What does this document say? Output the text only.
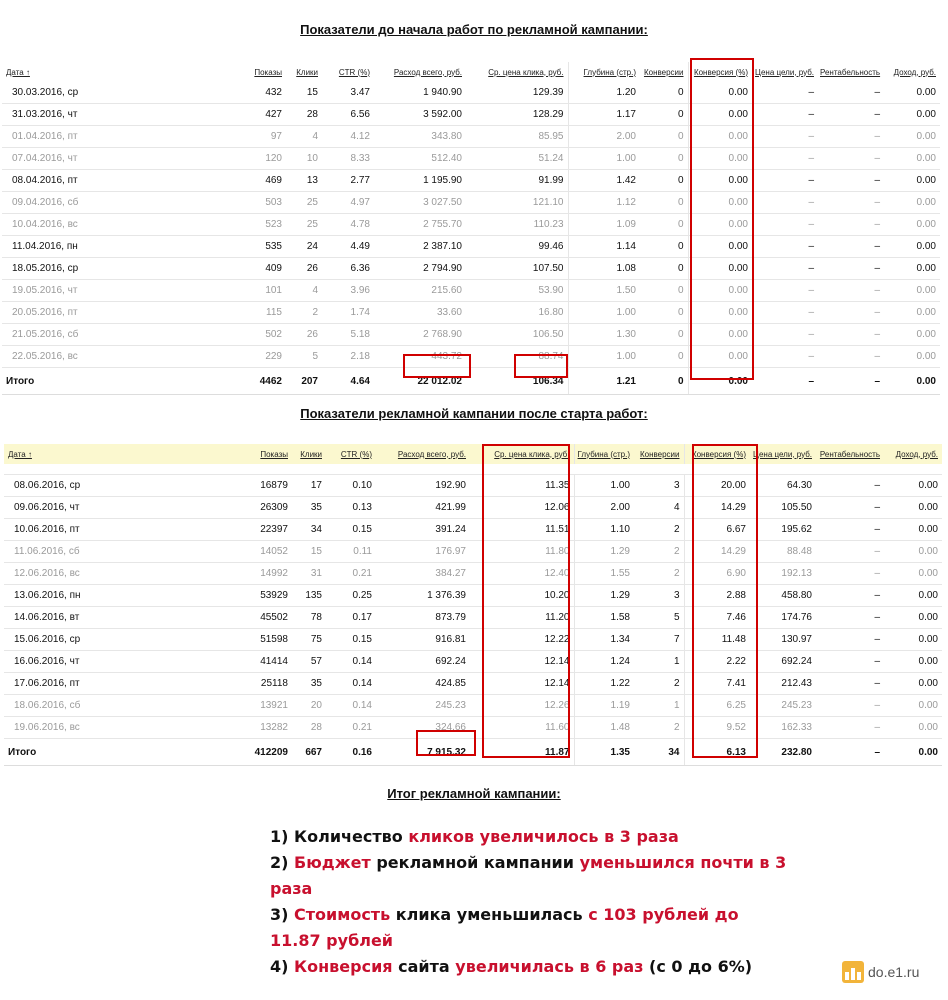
Показатели до начала работ по рекламной кампании:
Дата ↑	Показы	Клики	CTR (%)	Расход всего, руб.	Ср. цена клика, руб.	Глубина (стр.)	Конверсии	Конверсия (%)	Цена цели, руб.	Рентабельность	Доход, руб.
30.03.2016, ср	432	15	3.47	1 940.90	129.39	1.20	0	0.00	–	–	0.00
31.03.2016, чт	427	28	6.56	3 592.00	128.29	1.17	0	0.00	–	–	0.00
01.04.2016, пт	97	4	4.12	343.80	85.95	2.00	0	0.00	–	–	0.00
07.04.2016, чт	120	10	8.33	512.40	51.24	1.00	0	0.00	–	–	0.00
08.04.2016, пт	469	13	2.77	1 195.90	91.99	1.42	0	0.00	–	–	0.00
09.04.2016, сб	503	25	4.97	3 027.50	121.10	1.12	0	0.00	–	–	0.00
10.04.2016, вс	523	25	4.78	2 755.70	110.23	1.09	0	0.00	–	–	0.00
11.04.2016, пн	535	24	4.49	2 387.10	99.46	1.14	0	0.00	–	–	0.00
18.05.2016, ср	409	26	6.36	2 794.90	107.50	1.08	0	0.00	–	–	0.00
19.05.2016, чт	101	4	3.96	215.60	53.90	1.50	0	0.00	–	–	0.00
20.05.2016, пт	115	2	1.74	33.60	16.80	1.00	0	0.00	–	–	0.00
21.05.2016, сб	502	26	5.18	2 768.90	106.50	1.30	0	0.00	–	–	0.00
22.05.2016, вс	229	5	2.18	443.72	88.74	1.00	0	0.00	–	–	0.00
Итого	4462	207	4.64	22 012.02	106.34	1.21	0	0.00	–	–	0.00
Показатели рекламной кампании после старта работ:
Дата ↑	Показы	Клики	CTR (%)	Расход всего, руб.	Ср. цена клика, руб.	Глубина (стр.)	Конверсии	Конверсия (%)	Цена цели, руб.	Рентабельность	Доход, руб.

08.06.2016, ср	16879	17	0.10	192.90	11.35	1.00	3	20.00	64.30	–	0.00
09.06.2016, чт	26309	35	0.13	421.99	12.06	2.00	4	14.29	105.50	–	0.00
10.06.2016, пт	22397	34	0.15	391.24	11.51	1.10	2	6.67	195.62	–	0.00
11.06.2016, сб	14052	15	0.11	176.97	11.80	1.29	2	14.29	88.48	–	0.00
12.06.2016, вс	14992	31	0.21	384.27	12.40	1.55	2	6.90	192.13	–	0.00
13.06.2016, пн	53929	135	0.25	1 376.39	10.20	1.29	3	2.88	458.80	–	0.00
14.06.2016, вт	45502	78	0.17	873.79	11.20	1.58	5	7.46	174.76	–	0.00
15.06.2016, ср	51598	75	0.15	916.81	12.22	1.34	7	11.48	130.97	–	0.00
16.06.2016, чт	41414	57	0.14	692.24	12.14	1.24	1	2.22	692.24	–	0.00
17.06.2016, пт	25118	35	0.14	424.85	12.14	1.22	2	7.41	212.43	–	0.00
18.06.2016, сб	13921	20	0.14	245.23	12.26	1.19	1	6.25	245.23	–	0.00
19.06.2016, вс	13282	28	0.21	324.66	11.60	1.48	2	9.52	162.33	–	0.00
Итого	412209	667	0.16	7 915.32	11.87	1.35	34	6.13	232.80	–	0.00
Итог рекламной кампании:

1) Количество кликов увеличилось в 3 раза

2) Бюджет рекламной кампании уменьшился почти в 3 раза

3) Стоимость клика уменьшилась с 103 рублей до 11.87 рублей

4) Конверсия сайта увеличилась в 6 раз (с 0 до 6%)	do.e1.ru
